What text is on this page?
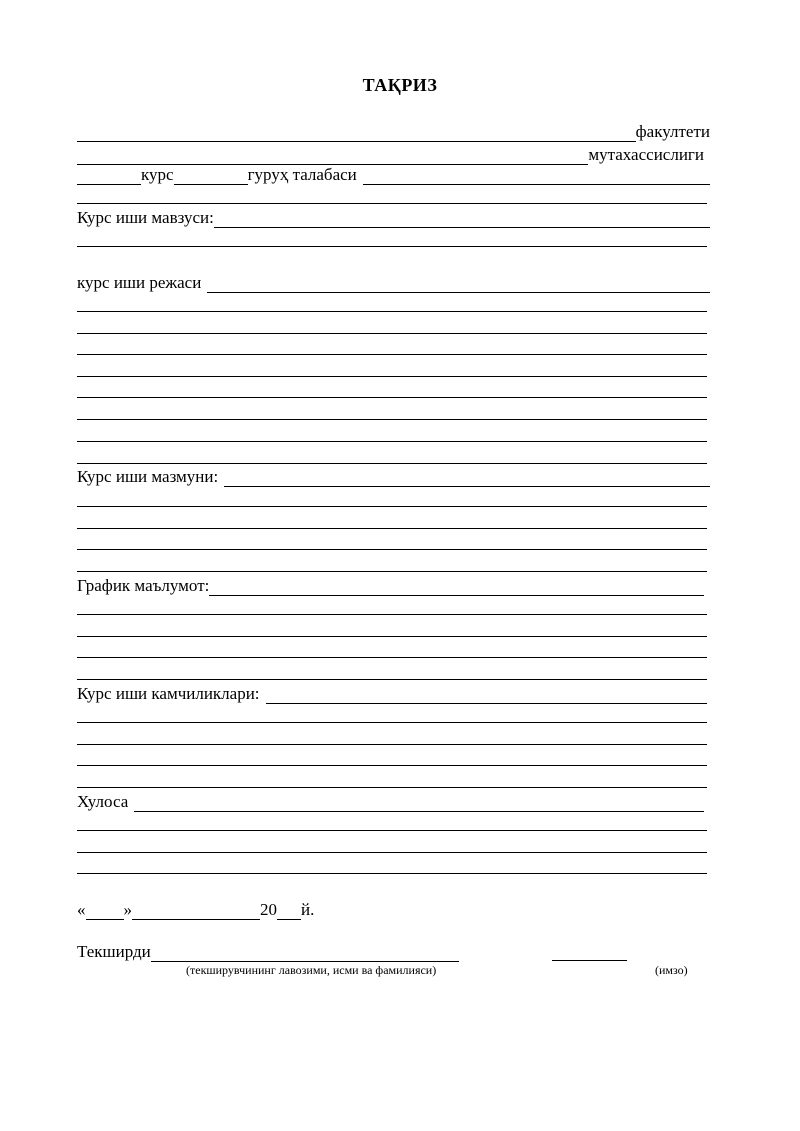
ТАҚРИЗ
факултети
мутахассислиги
курс	гуруҳ талабаси
Курс иши мавзуси:
курс иши режаси
Курс иши мазмуни:
График маълумот:
Курс иши камчиликлари:
Хулоса
« »	20 й.
Текширди
(текширувчининг лавозими, исми ва фамилияси)	(имзо)
